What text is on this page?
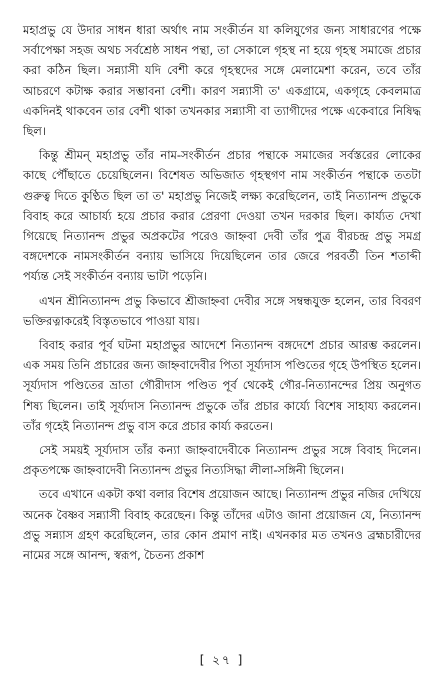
মহাপ্রভু যে উদার সাধন ধারা অর্থাৎ নাম সংকীর্তন যা কলিযুগের জন্য সাধারণের পক্ষে সর্বাপেক্ষা সহজ অথচ সর্বশ্রেষ্ঠ সাধন পন্থা, তা সেকালে গৃহস্থ না হয়ে গৃহস্থ সমাজে প্রচার করা কঠিন ছিল। সন্ন্যাসী যদি বেশী করে গৃহস্থদের সঙ্গে মেলামেশা করেন, তবে তাঁর আচরণে কটাক্ষ করার সম্ভাবনা বেশী। কারণ সন্ন্যাসী ত' একগ্রামে, একগৃহে কেবলমাত্র একদিনই থাকবেন তার বেশী থাকা তখনকার সন্ন্যাসী বা ত্যাগীদের পক্ষে একেবারে নিষিদ্ধ ছিল।

কিন্তু শ্রীমন্ মহাপ্রভু তাঁর নাম-সংকীর্তন প্রচার পন্থাকে সমাজের সর্বস্তরের লোকের কাছে পৌঁছাতে চেয়েছিলেন। বিশেষত অভিজাত গৃহস্থগণ নাম সংকীর্তন পন্থাকে ততটা গুরুত্ব দিতে কুণ্ঠিত ছিল তা ত' মহাপ্রভু নিজেই লক্ষ্য করেছিলেন, তাই নিত্যানন্দ প্রভুকে বিবাহ করে আচার্য্য হয়ে প্রচার করার প্রেরণা দেওয়া তখন দরকার ছিল। কার্য্যত দেখা গিয়েছে নিত্যানন্দ প্রভুর অপ্রকটের পরেও জাহ্নবা দেবী তাঁর পুত্র বীরচন্দ্র প্রভু সমগ্র বঙ্গদেশকে নামসংকীর্তন বন্যায় ভাসিয়ে দিয়েছিলেন তার জেরে পরবর্তী তিন শতাব্দী পর্য্যন্ত সেই সংকীর্তন বন্যায় ভাটা পড়েনি।

এখন শ্রীনিত্যানন্দ প্রভু কিভাবে শ্রীজাহ্নবা দেবীর সঙ্গে সম্বন্ধযুক্ত হলেন, তার বিবরণ ভক্তিরত্নাকরেই বিস্তৃতভাবে পাওয়া যায়।

বিবাহ করার পূর্ব ঘটনা মহাপ্রভুর আদেশে নিত্যানন্দ বঙ্গদেশে প্রচার আরম্ভ করলেন। এক সময় তিনি প্রচারের জন্য জাহ্নবাদেবীর পিতা সূর্য্যদাস পণ্ডিতের গৃহে উপস্থিত হলেন। সূর্য্যদাস পণ্ডিতের ভ্রাতা গৌরীদাস পণ্ডিত পূর্ব থেকেই গৌর-নিত্যানন্দের প্রিয় অনুগত শিষ্য ছিলেন। তাই সূর্য্যদাস নিত্যানন্দ প্রভুকে তাঁর প্রচার কার্য্যে বিশেষ সাহায্য করলেন। তাঁর গৃহেই নিত্যানন্দ প্রভু বাস করে প্রচার কার্য্য করতেন।

সেই সময়ই সূর্য্যদাস তাঁর কন্যা জাহ্নবাদেবীকে নিত্যানন্দ প্রভুর সঙ্গে বিবাহ দিলেন। প্রকৃতপক্ষে জাহ্নবাদেবী নিত্যানন্দ প্রভুর নিত্যসিদ্ধা লীলা-সঙ্গিনী ছিলেন।

তবে এখানে একটা কথা বলার বিশেষ প্রয়োজন আছে। নিত্যানন্দ প্রভুর নজির দেখিয়ে অনেক বৈষ্ণব সন্ন্যাসী বিবাহ করেছেন। কিন্তু তাঁদের এটাও জানা প্রয়োজন যে, নিত্যানন্দ প্রভু সন্ন্যাস গ্রহণ করেছিলেন, তার কোন প্রমাণ নাই। এখনকার মত তখনও ব্রহ্মচারীদের নামের সঙ্গে আনন্দ, স্বরূপ, চৈতন্য প্রকাশ

[ ২৭ ]
